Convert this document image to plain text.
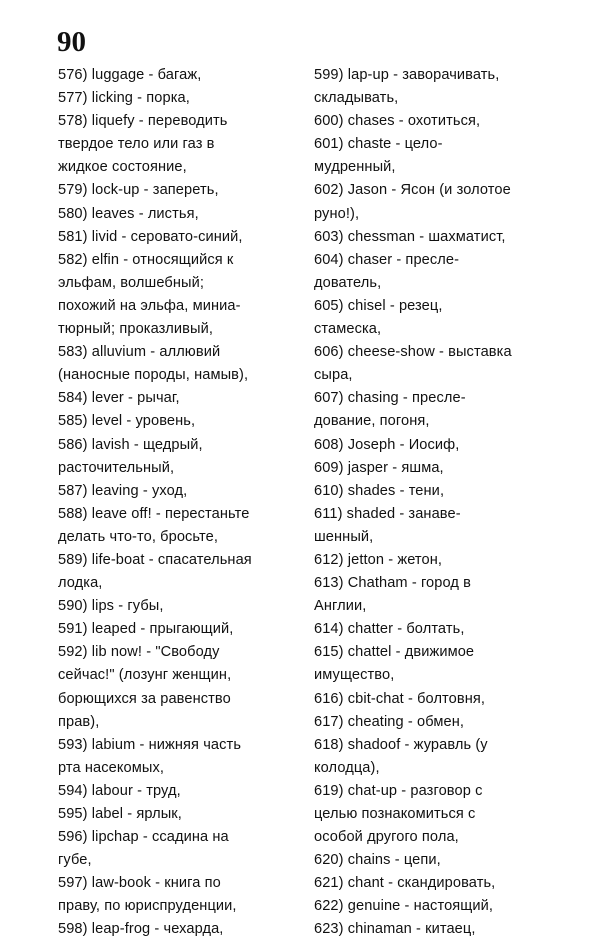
90
576) luggage - багаж,
577) licking - порка,
578) liquefy - переводить
твердое тело или газ в
жидкое состояние,
579) lock-up - запереть,
580) leaves - листья,
581) livid - серовато-синий,
582) elfin - относящийся к
эльфам, волшебный;
похожий на эльфа, миниа-
тюрный; проказливый,
583) alluvium - аллювий
(наносные породы, намыв),
584) lever - рычаг,
585) level - уровень,
586) lavish - щедрый,
расточительный,
587) leaving - уход,
588) leave off! - перестаньте
делать что-то, бросьте,
589) life-boat - спасательная
лодка,
590) lips - губы,
591) leaped - прыгающий,
592) lib now! - "Свободу
сейчас!" (лозунг женщин,
борющихся за равенство
прав),
593) labium - нижняя часть
рта насекомых,
594) labour - труд,
595) label - ярлык,
596) lipchap - ссадина на
губе,
597) law-book - книга по
праву, по юриспруденции,
598) leap-frog - чехарда,
599) lap-up - заворачивать,
складывать,
600) chases - охотиться,
601) chaste - цело-
мудренный,
602) Jason - Ясон (и золотое
руно!),
603) chessman - шахматист,
604) chaser - пресле-
дователь,
605) chisel - резец,
стамеска,
606) cheese-show - выставка
сыра,
607) chasing - пресле-
дование, погоня,
608) Joseph - Иосиф,
609) jasper - яшма,
610) shades - тени,
611) shaded - занаве-
шенный,
612) jetton - жетон,
613) Chatham - город в
Англии,
614) chatter - болтать,
615) chattel - движимое
имущество,
616) cbit-chat - болтовня,
617) cheating - обмен,
618) shadoof - журавль (у
колодца),
619) chat-up - разговор с
целью познакомиться с
особой другого пола,
620) chains - цепи,
621) chant - скандировать,
622) genuine - настоящий,
623) chinaman - китаец,
